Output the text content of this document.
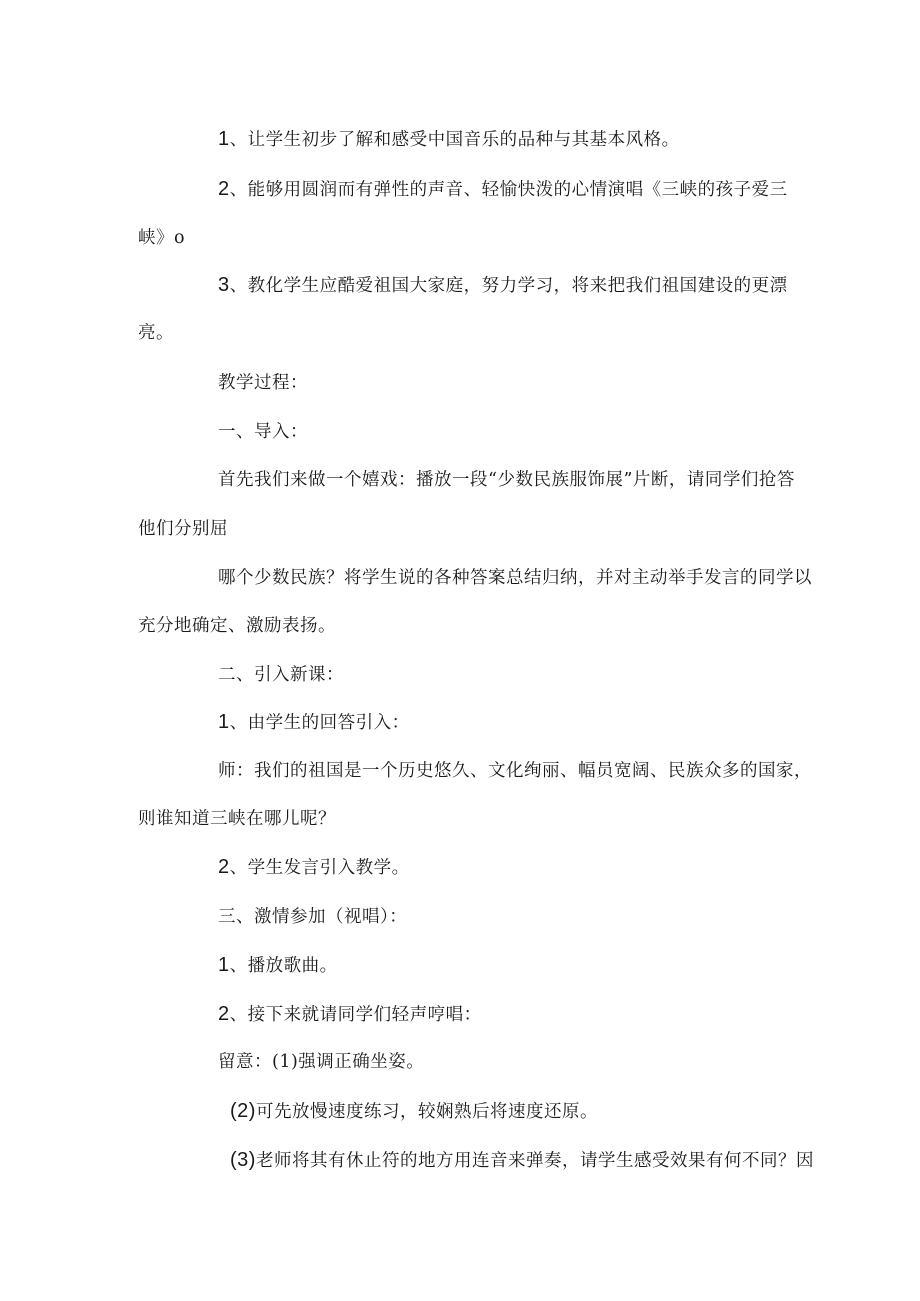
1、让学生初步了解和感受中国音乐的品种与其基本风格。
2、能够用圆润而有弹性的声音、轻愉快泼的心情演唱《三峡的孩子爱三
峡》o
3、教化学生应酷爱祖国大家庭，努力学习，将来把我们祖国建设的更漂
亮。
教学过程：
一、导入：
首先我们来做一个嬉戏：播放一段“少数民族服饰展”片断，请同学们抢答
他们分别屈
哪个少数民族？将学生说的各种答案总结归纳，并对主动举手发言的同学以
充分地确定、激励表扬。
二、引入新课：
1、由学生的回答引入：
师：我们的祖国是一个历史悠久、文化绚丽、幅员宽阔、民族众多的国家，
则谁知道三峡在哪儿呢？
2、学生发言引入教学。
三、激情参加（视唱）：
1、播放歌曲。
2、接下来就请同学们轻声哼唱：
留意：(1)强调正确坐姿。
(2)可先放慢速度练习，较娴熟后将速度还原。
(3)老师将其有休止符的地方用连音来弹奏，请学生感受效果有何不同？因
